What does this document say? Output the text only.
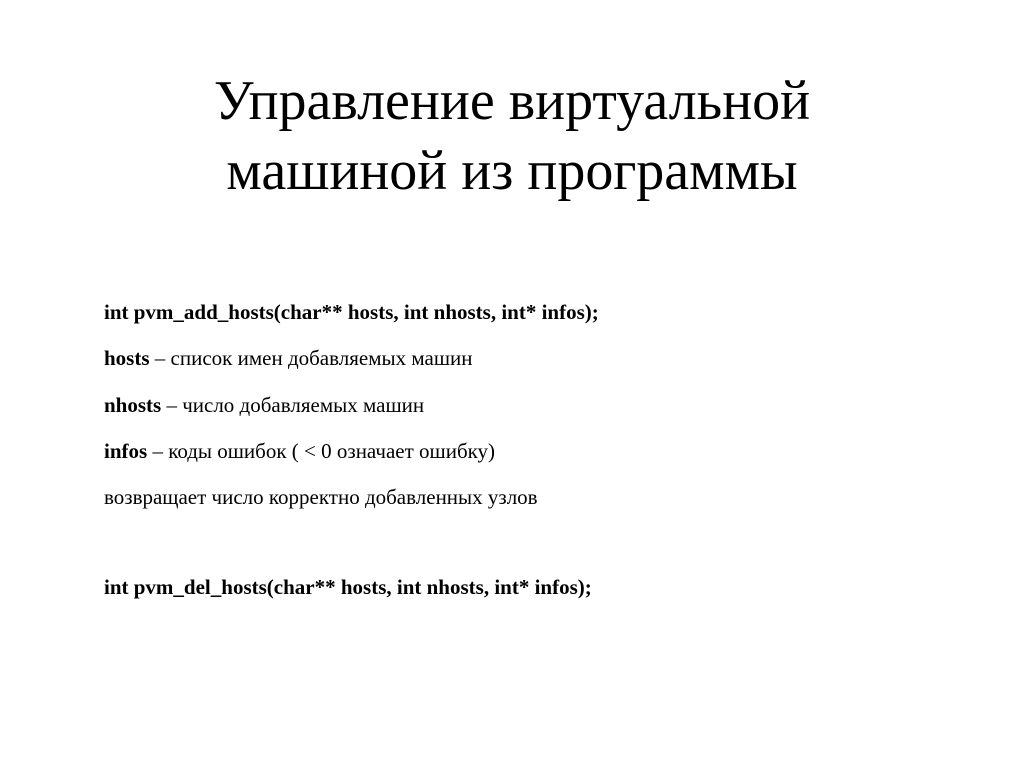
Управление виртуальной
машиной из программы
int pvm_add_hosts(char** hosts, int nhosts, int* infos);
hosts – список имен добавляемых машин
nhosts – число добавляемых машин
infos – коды ошибок ( < 0 означает ошибку)
возвращает число корректно добавленных узлов
int pvm_del_hosts(char** hosts, int nhosts, int* infos);
